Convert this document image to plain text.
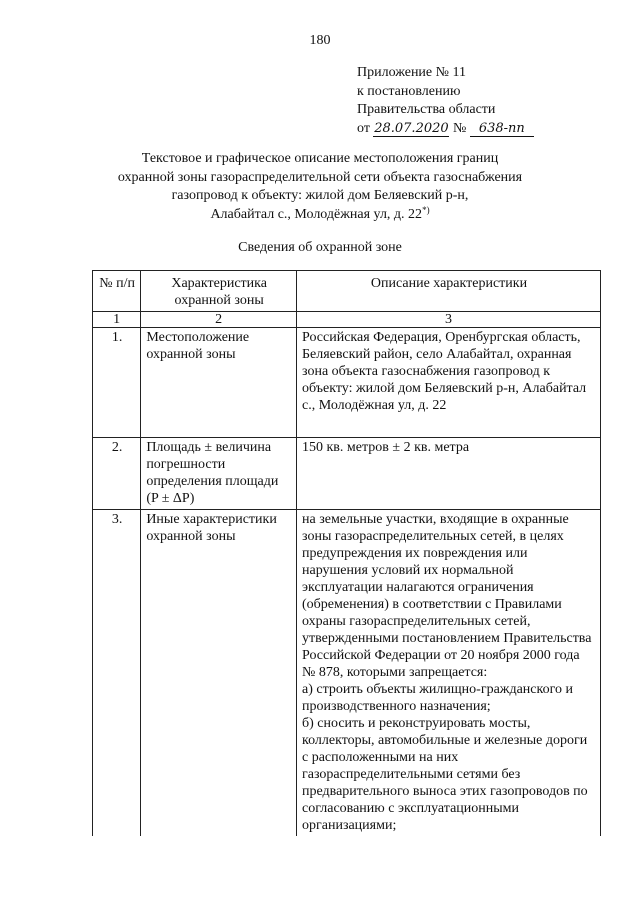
180
Приложение № 11
к постановлению
Правительства области
от 28.07.2020 № 638-пп
Текстовое и графическое описание местоположения границ
охранной зоны газораспределительной сети объекта газоснабжения
газопровод к объекту: жилой дом Беляевский р-н,
Алабайтал с., Молодёжная ул, д. 22*)
Сведения об охранной зоне
№ п/п	Характеристика охранной зоны	Описание характеристики
1	2	3
1.	Местоположение охранной зоны	Российская Федерация, Оренбургская область, Беляевский район, село Алабайтал, охранная зона объекта газоснабжения газопровод к объекту: жилой дом Беляевский р-н, Алабайтал с., Молодёжная ул, д. 22
2.	Площадь ± величина погрешности определения площади (P ± ΔP)	150 кв. метров ± 2 кв. метра
3.	Иные характеристики охранной зоны	на земельные участки, входящие в охранные зоны газораспределительных сетей, в целях предупреждения их повреждения или нарушения условий их нормальной эксплуатации налагаются ограничения (обременения) в соответствии с Правилами охраны газораспределительных сетей, утвержденными постановлением Правительства Российской Федерации от 20 ноября 2000 года № 878, которыми запрещается:
а) строить объекты жилищно-гражданского и производственного назначения;
б) сносить и реконструировать мосты, коллекторы, автомобильные и железные дороги с расположенными на них газораспределительными сетями без предварительного выноса этих газопроводов по согласованию с эксплуатационными организациями;
